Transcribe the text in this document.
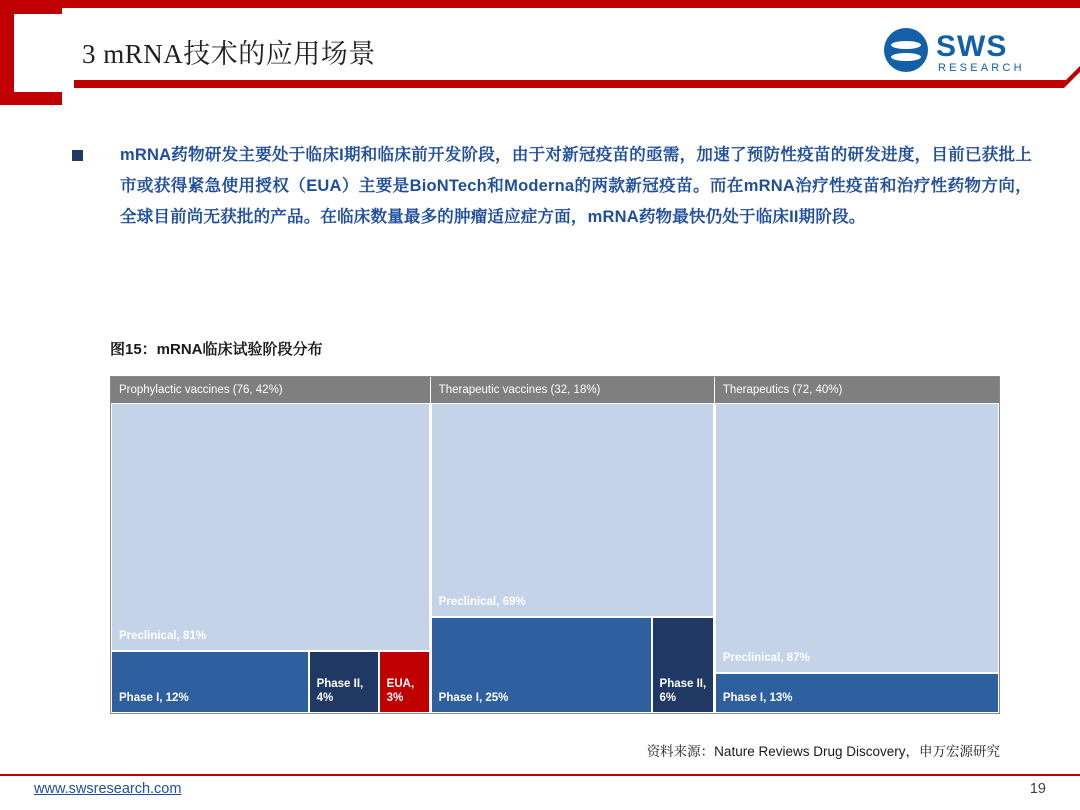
3 mRNA技术的应用场景	SWS
RESEARCH
mRNA药物研发主要处于临床I期和临床前开发阶段，由于对新冠疫苗的亟需，加速了预防性疫苗的研发进度，目前已获批上市或获得紧急使用授权（EUA）主要是BioNTech和Moderna的两款新冠疫苗。而在mRNA治疗性疫苗和治疗性药物方向，全球目前尚无获批的产品。在临床数量最多的肿瘤适应症方面，mRNA药物最快仍处于临床II期阶段。
图15：mRNA临床试验阶段分布
Prophylactic vaccines (76, 42%)
Preclinical, 81%
Phase I, 12%
Phase II, 4%
EUA, 3%
Therapeutic vaccines (32, 18%)
Preclinical, 69%
Phase I, 25%
Phase II, 6%
Therapeutics (72, 40%)
Preclinical, 87%
Phase I, 13%
资料来源：Nature Reviews Drug Discovery，申万宏源研究
www.swsresearch.com	19
